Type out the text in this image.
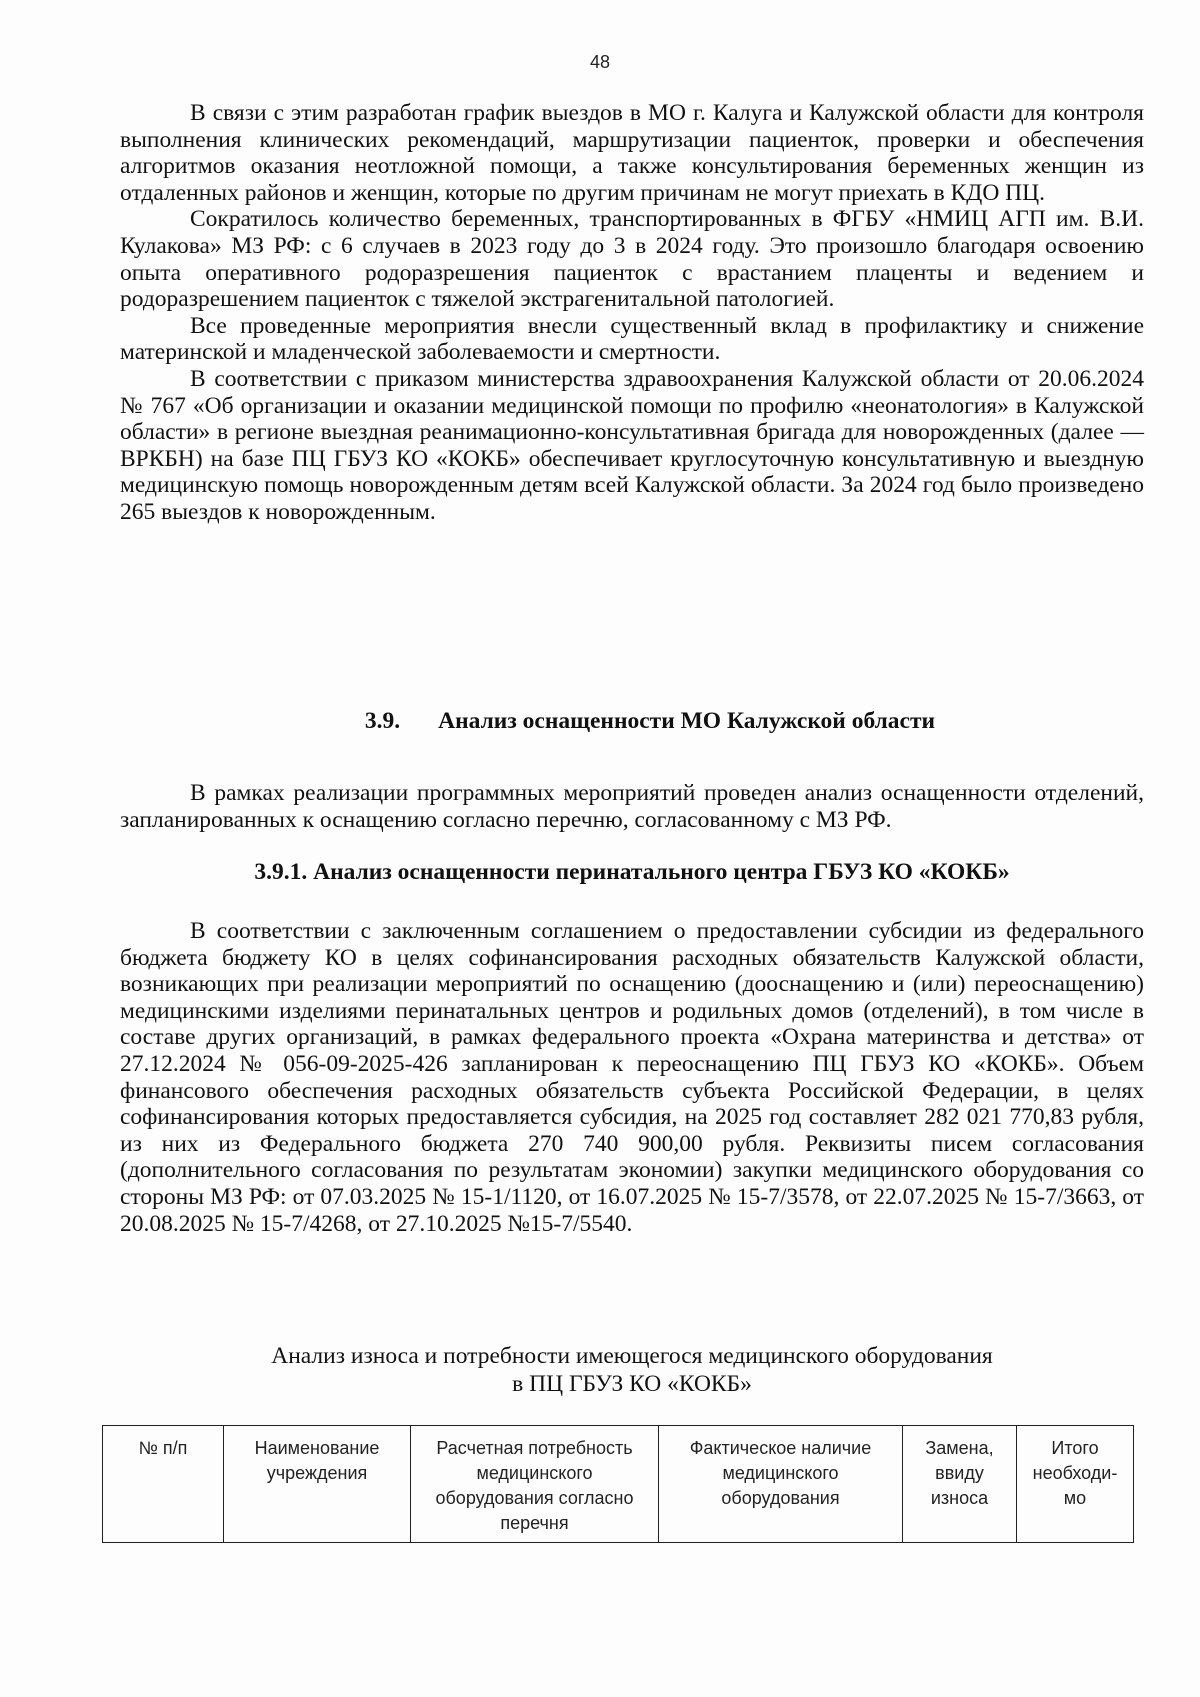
48

В связи с этим разработан график выездов в МО г. Калуга и Калужской области для контроля выполнения клинических рекомендаций, маршрутизации пациенток, проверки и обеспечения алгоритмов оказания неотложной помощи, а также консультирования беременных женщин из отдаленных районов и женщин, которые по другим причинам не могут приехать в КДО ПЦ.

Сократилось количество беременных, транспортированных в ФГБУ «НМИЦ АГП им. В.И. Кулакова» МЗ РФ: с 6 случаев в 2023 году до 3 в 2024 году. Это произошло благодаря освоению опыта оперативного родоразрешения пациенток с врастанием плаценты и ведением и родоразрешением пациенток с тяжелой экстрагенитальной патологией.

Все проведенные мероприятия внесли существенный вклад в профилактику и снижение материнской и младенческой заболеваемости и смертности.

В соответствии с приказом министерства здравоохранения Калужской области от 20.06.2024 № 767 «Об организации и оказании медицинской помощи по профилю «неонатология» в Калужской области» в регионе выездная реанимационно-консультативная бригада для новорожденных (далее — ВРКБН) на базе ПЦ ГБУЗ КО «КОКБ» обеспечивает круглосуточную консультативную и выездную медицинскую помощь новорожденным детям всей Калужской области. За 2024 год было произведено 265 выездов к новорожденным.

3.9. Анализ оснащенности МО Калужской области

В рамках реализации программных мероприятий проведен анализ оснащенности отделений, запланированных к оснащению согласно перечню, согласованному с МЗ РФ.

3.9.1. Анализ оснащенности перинатального центра ГБУЗ КО «КОКБ»

В соответствии с заключенным соглашением о предоставлении субсидии из федерального бюджета бюджету КО в целях софинансирования расходных обязательств Калужской области, возникающих при реализации мероприятий по оснащению (дооснащению и (или) переоснащению) медицинскими изделиями перинатальных центров и родильных домов (отделений), в том числе в составе других организаций, в рамках федерального проекта «Охрана материнства и детства» от 27.12.2024 № 056-09-2025-426 запланирован к переоснащению ПЦ ГБУЗ КО «КОКБ». Объем финансового обеспечения расходных обязательств субъекта Российской Федерации, в целях софинансирования которых предоставляется субсидия, на 2025 год составляет 282 021 770,83 рубля, из них из Федерального бюджета 270 740 900,00 рубля. Реквизиты писем согласования (дополнительного согласования по результатам экономии) закупки медицинского оборудования со стороны МЗ РФ: от 07.03.2025 № 15-1/1120, от 16.07.2025 № 15-7/3578, от 22.07.2025 № 15-7/3663, от 20.08.2025 № 15-7/4268, от 27.10.2025 №15-7/5540.

Анализ износа и потребности имеющегося медицинского оборудования
в ПЦ ГБУЗ КО «КОКБ»
№ п/п	Наименование учреждения	Расчетная потребность медицинского оборудования согласно перечня	Фактическое наличие медицинского оборудования	Замена, ввиду износа	Итого необходи-мо
